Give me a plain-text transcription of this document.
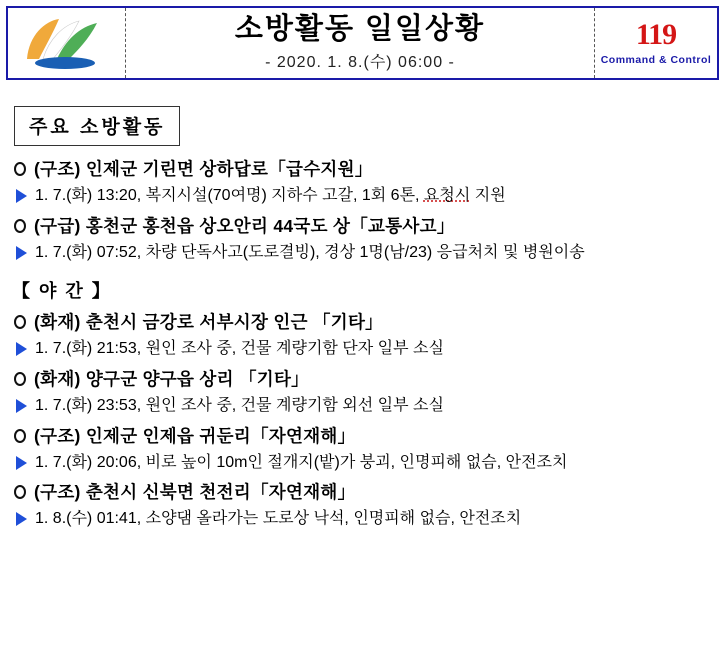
소방활동 일일상황
- 2020. 1. 8.(수) 06:00 -
119
Command & Control
주요 소방활동
(구조) 인제군 기린면 상하답로「급수지원」
1. 7.(화) 13:20, 복지시설(70여명) 지하수 고갈, 1회 6톤, 요청시 지원
(구급) 홍천군 홍천읍 상오안리 44국도 상「교통사고」
1. 7.(화) 07:52, 차량 단독사고(도로결빙), 경상 1명(남/23) 응급처치 및 병원이송
【 야 간 】
(화재) 춘천시 금강로 서부시장 인근 「기타」
1. 7.(화) 21:53, 원인 조사 중, 건물 계량기함 단자 일부 소실
(화재) 양구군 양구읍 상리 「기타」
1. 7.(화) 23:53, 원인 조사 중, 건물 계량기함 외선 일부 소실
(구조) 인제군 인제읍 귀둔리「자연재해」
1. 7.(화) 20:06, 비로 높이 10m인 절개지(밭)가 붕괴, 인명피해 없슴, 안전조치
(구조) 춘천시 신북면 천전리「자연재해」
1. 8.(수) 01:41, 소양댐 올라가는 도로상 낙석, 인명피해 없슴, 안전조치
